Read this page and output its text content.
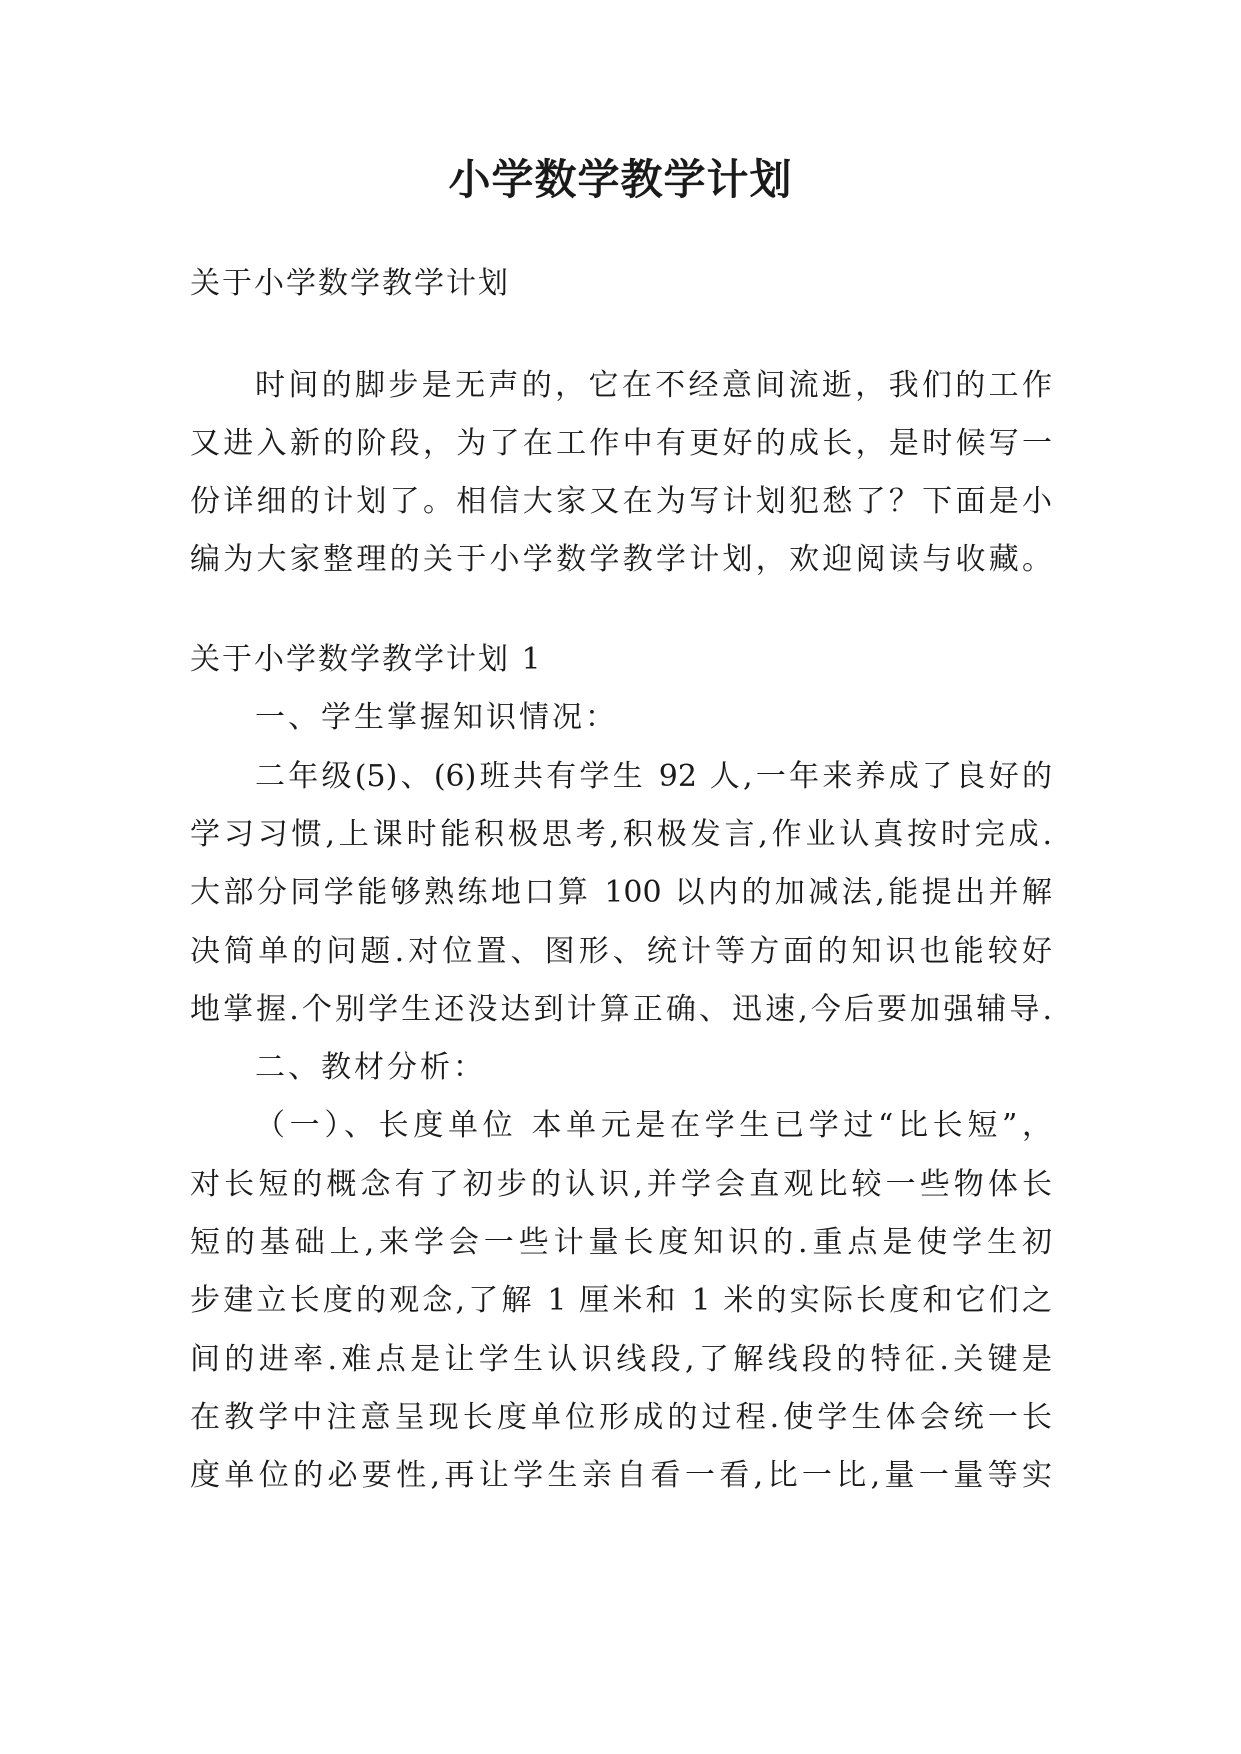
小学数学教学计划
关于小学数学教学计划
时间的脚步是无声的，它在不经意间流逝，我们的工作
又进入新的阶段，为了在工作中有更好的成长，是时候写一
份详细的计划了。相信大家又在为写计划犯愁了？下面是小
编为大家整理的关于小学数学教学计划，欢迎阅读与收藏。
关于小学数学教学计划 1
一、学生掌握知识情况：
二年级(5)、(6)班共有学生 92 人,一年来养成了良好的
学习习惯,上课时能积极思考,积极发言,作业认真按时完成.
大部分同学能够熟练地口算 100 以内的加减法,能提出并解
决简单的问题.对位置、图形、统计等方面的知识也能较好
地掌握.个别学生还没达到计算正确、迅速,今后要加强辅导.
二、教材分析：
（一）、长度单位 本单元是在学生已学过“比长短”，
对长短的概念有了初步的认识,并学会直观比较一些物体长
短的基础上,来学会一些计量长度知识的.重点是使学生初
步建立长度的观念,了解 1 厘米和 1 米的实际长度和它们之
间的进率.难点是让学生认识线段,了解线段的特征.关键是
在教学中注意呈现长度单位形成的过程.使学生体会统一长
度单位的必要性,再让学生亲自看一看,比一比,量一量等实
